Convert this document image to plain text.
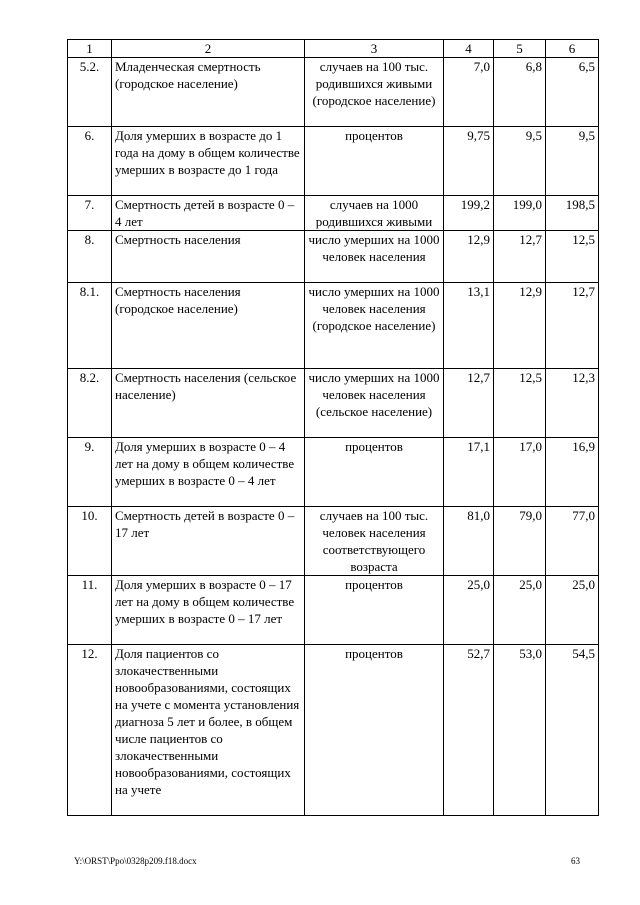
1	2	3	4	5	6
5.2.	Младенческая смертность (городское население)	случаев на 100 тыс. родившихся живыми (городское население)	7,0	6,8	6,5
6.	Доля умерших в возрасте до 1 года на дому в общем количестве умерших в возрасте до 1 года	процентов	9,75	9,5	9,5
7.	Смертность детей в возрасте 0 – 4 лет	случаев на 1000 родившихся живыми	199,2	199,0	198,5
8.	Смертность населения	число умерших на 1000 человек населения	12,9	12,7	12,5
8.1.	Смертность населения (городское население)	число умерших на 1000 человек населения (городское население)	13,1	12,9	12,7
8.2.	Смертность населения (сельское население)	число умерших на 1000 человек населения (сельское население)	12,7	12,5	12,3
9.	Доля умерших в возрасте 0 – 4 лет на дому в общем количестве умерших в возрасте 0 – 4 лет	процентов	17,1	17,0	16,9
10.	Смертность детей в возрасте 0 – 17 лет	случаев на 100 тыс. человек населения соответствующего возраста	81,0	79,0	77,0
11.	Доля умерших в возрасте 0 – 17 лет на дому в общем количестве умерших в возрасте 0 – 17 лет	процентов	25,0	25,0	25,0
12.	Доля пациентов со злокачественными новообразованиями, состоящих на учете с момента установления диагноза 5 лет и более, в общем числе пациентов со злокачественными новообразованиями, состоящих на учете	процентов	52,7	53,0	54,5
Y:\ORST\Ppo\0328p209.f18.docx	63
